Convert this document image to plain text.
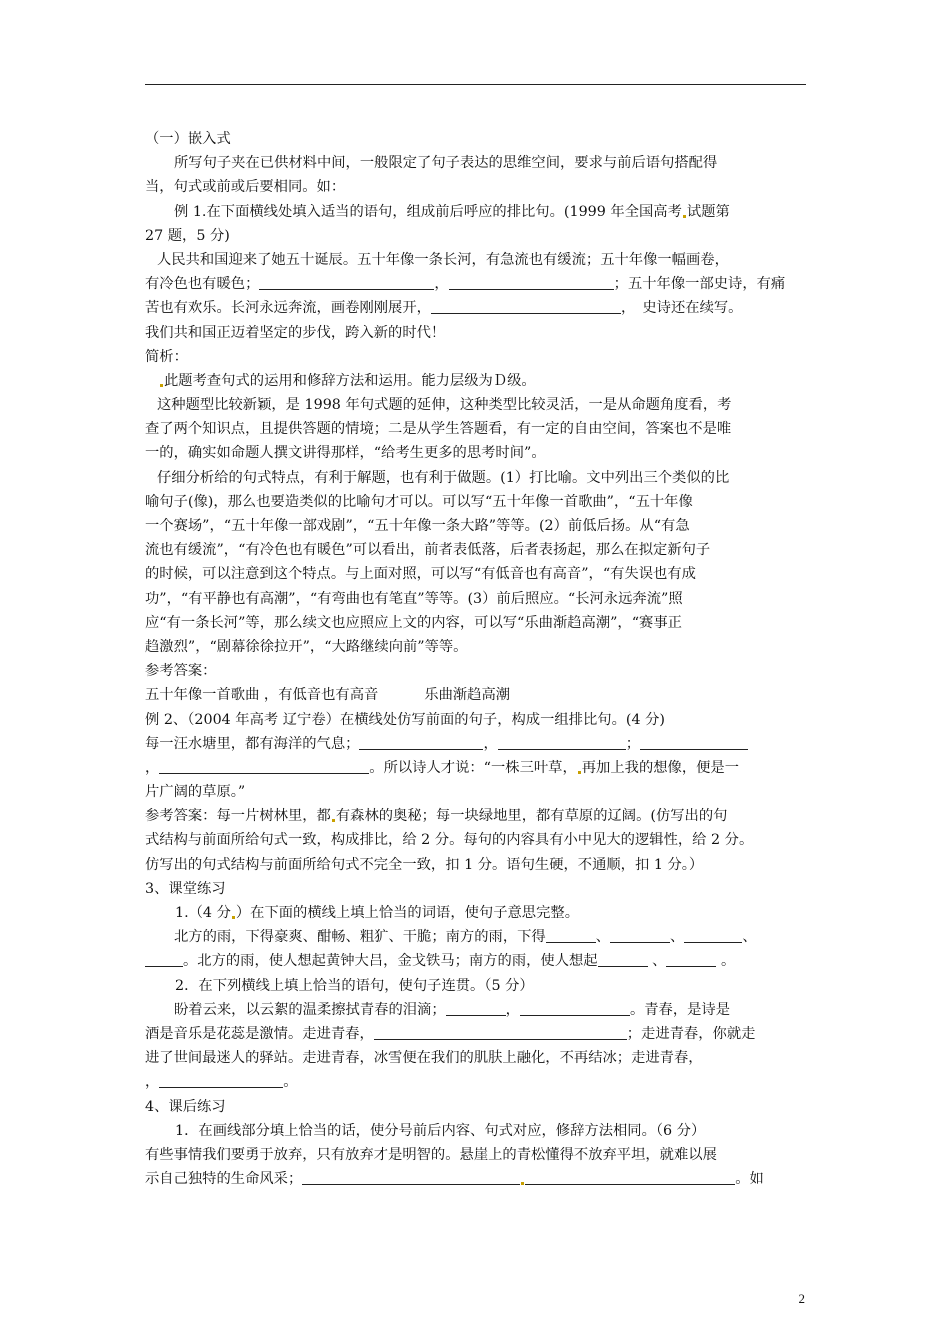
（一）嵌入式
所写句子夹在已供材料中间，一般限定了句子表达的思维空间，要求与前后语句搭配得
当，句式或前或后要相同。如：
例 1.在下面横线处填入适当的语句，组成前后呼应的排比句。(1999 年全国高考 试题第
27 题，5 分)
人民共和国迎来了她五十诞辰。五十年像一条长河，有急流也有缓流；五十年像一幅画卷，
有冷色也有暖色；	，	；五十年像一部史诗，有痛
苦也有欢乐。长河永远奔流，画卷刚刚展开，	，　史诗还在续写。
我们共和国正迈着坚定的步伐，跨入新的时代！
简析：
此题考查句式的运用和修辞方法和运用。能力层级为Ｄ级。
这种题型比较新颖，是 1998 年句式题的延伸，这种类型比较灵活，一是从命题角度看，考
查了两个知识点，且提供答题的情境；二是从学生答题看，有一定的自由空间，答案也不是唯
一的，确实如命题人撰文讲得那样，“给考生更多的思考时间”。
仔细分析给的句式特点，有利于解题，也有利于做题。(1）打比喻。文中列出三个类似的比
喻句子(像)，那么也要造类似的比喻句才可以。可以写“五十年像一首歌曲”，“五十年像
一个赛场”，“五十年像一部戏剧”，“五十年像一条大路”等等。(2）前低后扬。从“有急
流也有缓流”，“有冷色也有暖色”可以看出，前者表低落，后者表扬起，那么在拟定新句子
的时候，可以注意到这个特点。与上面对照，可以写“有低音也有高音”，“有失误也有成
功”，“有平静也有高潮”，“有弯曲也有笔直”等等。(3）前后照应。“长河永远奔流”照
应“有一条长河”等，那么续文也应照应上文的内容，可以写“乐曲渐趋高潮”，“赛事正
趋激烈”，“剧幕徐徐拉开”，“大路继续向前”等等。
参考答案：
五十年像一首歌曲 ，有低音也有高音	乐曲渐趋高潮
例 2、（2004 年高考 辽宁卷）在横线处仿写前面的句子，构成一组排比句。(4 分)
每一汪水塘里，都有海洋的气息；	，	；
，	。所以诗人才说：“一株三叶草， 再加上我的想像，便是一
片广阔的草原。”
参考答案：每一片树林里，都 有森林的奥秘；每一块绿地里，都有草原的辽阔。(仿写出的句
式结构与前面所给句式一致，构成排比，给 2 分。每句的内容具有小中见大的逻辑性，给 2 分。
仿写出的句式结构与前面所给句式不完全一致，扣 1 分。语句生硬，不通顺，扣 1 分。）
3、课堂练习
1.（4 分 ）在下面的横线上填上恰当的词语，使句子意思完整。
北方的雨，下得豪爽、酣畅、粗犷、干脆；南方的雨，下得	、	、	、
。北方的雨，使人想起黄钟大吕，金戈铁马；南方的雨，使人想起	、	。
2．在下列横线上填上恰当的语句，使句子连贯。（5 分）
盼着云来，以云絮的温柔擦拭青春的泪滴；	，	。青春，是诗是
酒是音乐是花蕊是激情。走进青春，	；走进青春，你就走
进了世间最迷人的驿站。走进青春，冰雪便在我们的肌肤上融化，不再结冰；走进青春，
，	。
4、课后练习
1．在画线部分填上恰当的话，使分号前后内容、句式对应，修辞方法相同。（6 分）
有些事情我们要勇于放弃，只有放弃才是明智的。悬崖上的青松懂得不放弃平坦，就难以展
示自己独特的生命风采；	。如
2
